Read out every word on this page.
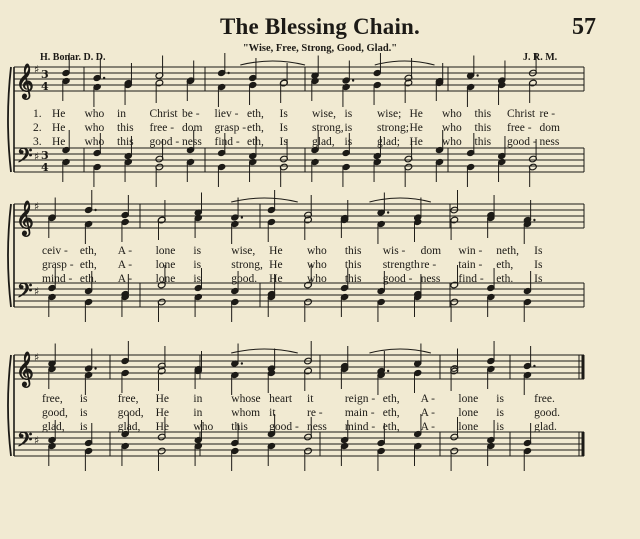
The Blessing Chain.	57
"Wise, Free, Strong, Good, Glad."
H. Bonar. D. D.	J. R. M.
𝄞
𝄢
♯
♯
3
4
3
4
𝄞
𝄢
♯
♯
𝄞
𝄢
♯
♯
1. He who in Christ be - liev - eth, Is wise, is wise; He who this Christ re -
2. He who this free - dom grasp - eth, Is strong, is strong; He who this free - dom
3. He who this good - ness find - eth, Is glad, is glad; He who this good - ness
ceiv - eth, A - lone is	wise, He who this wis - dom win - neth, Is
grasp - eth, A - lone is	strong, He who this strength re - tain - eth, Is
mind - eth. A - lone is	good. He who this good - ness find - eth. Is
free, is	free, He in	whose heart it	reign - eth, A - lone is	free.
good, is	good, He in	whom it	re - main - eth, A - lone is	good.
glad, is	glad, He who this good - ness mind - eth, A - lone is	glad.
